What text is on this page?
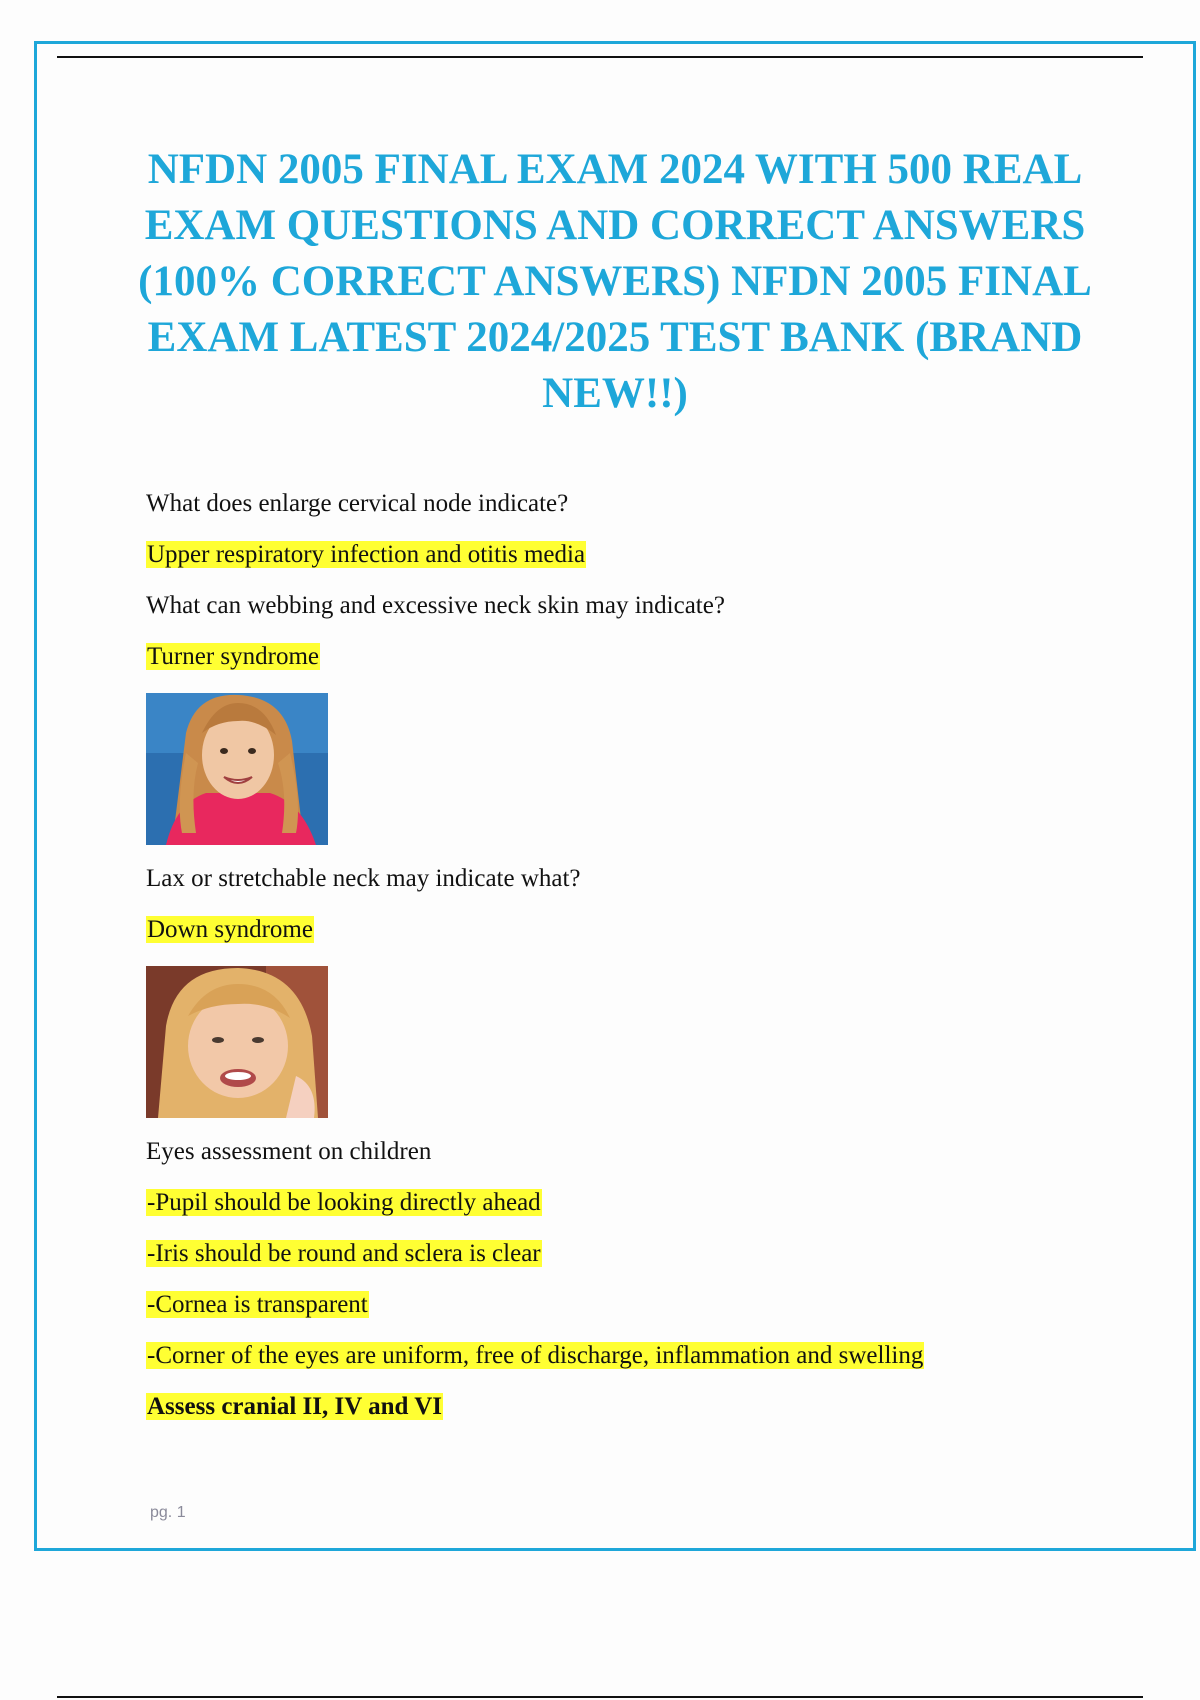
NFDN 2005 FINAL EXAM 2024 WITH 500 REAL EXAM QUESTIONS AND CORRECT ANSWERS (100% CORRECT ANSWERS) NFDN 2005 FINAL EXAM LATEST 2024/2025 TEST BANK (BRAND NEW!!)
What does enlarge cervical node indicate?
Upper respiratory infection and otitis media
What can webbing and excessive neck skin may indicate?
Turner syndrome
Lax or stretchable neck may indicate what?
Down syndrome
Eyes assessment on children
-Pupil should be looking directly ahead
-Iris should be round and sclera is clear
-Cornea is transparent
-Corner of the eyes are uniform, free of discharge, inflammation and swelling
Assess cranial II, IV and VI
pg. 1
